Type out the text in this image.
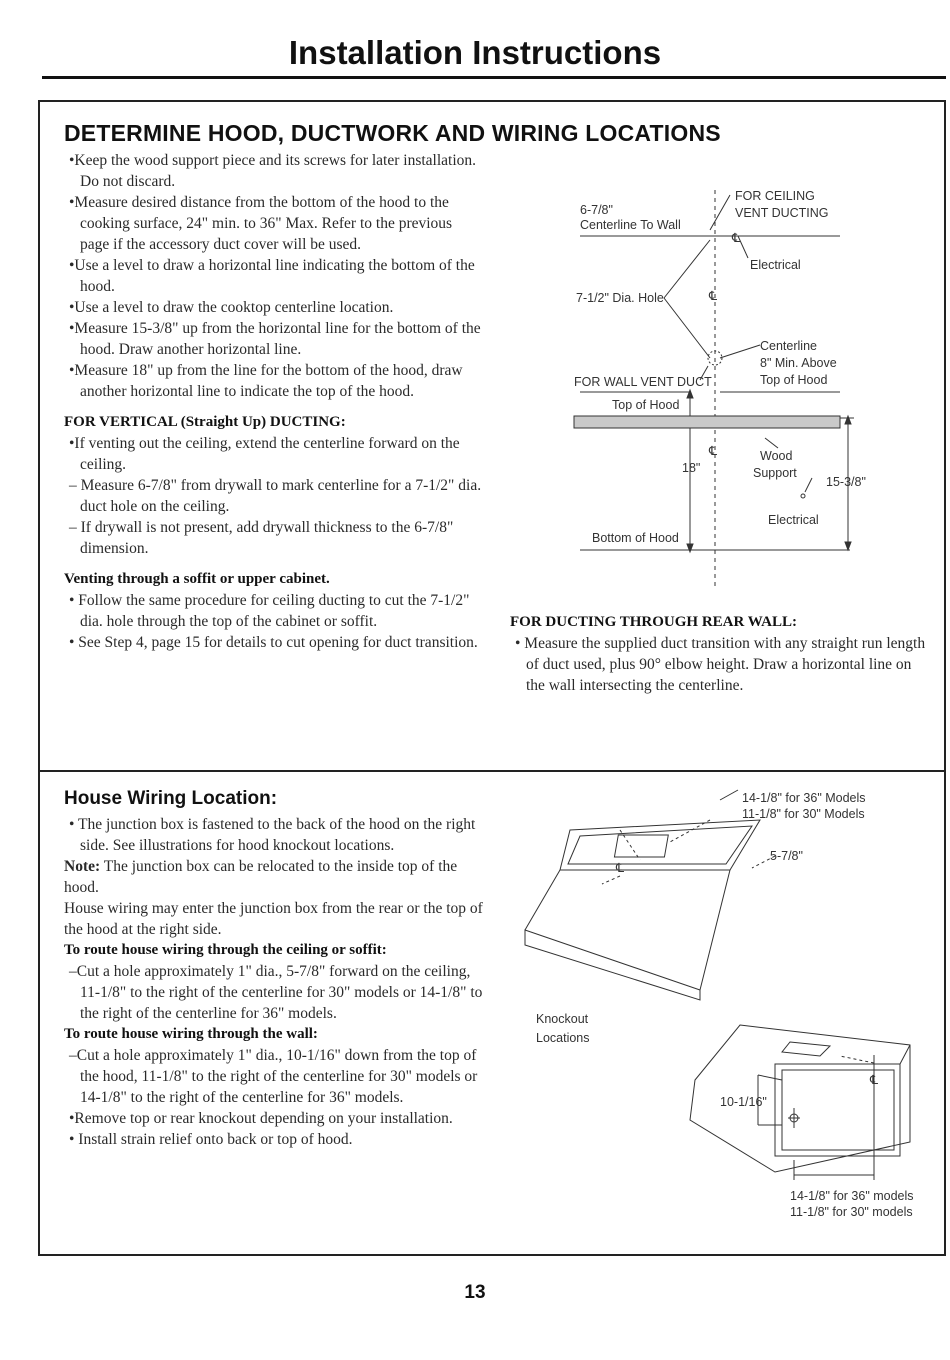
Installation Instructions
DETERMINE HOOD, DUCTWORK AND WIRING LOCATIONS

•Keep the wood support piece and its screws for later installation. Do not discard.

•Measure desired distance from the bottom of the hood to the cooking surface, 24" min. to 36" Max. Refer to the previous page if the accessory duct cover will be used.

•Use a level to draw a horizontal line indicating the bottom of the hood.

•Use a level to draw the cooktop centerline location.

•Measure 15-3/8" up from the horizontal line for the bottom of the hood. Draw another horizontal line.

•Measure 18" up from the line for the bottom of the hood, draw another horizontal line to indicate the top of the hood.

FOR VERTICAL (Straight Up) DUCTING:

•If venting out the ceiling, extend the centerline forward on the ceiling.

– Measure 6-7/8" from drywall to mark centerline for a 7-1/2" dia. duct hole on the ceiling.

– If drywall is not present, add drywall thickness to the 6-7/8" dimension.

Venting through a soffit or upper cabinet.

• Follow the same procedure for ceiling ducting to cut the 7-1/2" dia. hole through the top of the cabinet or soffit.

• See Step 4, page 15 for details to cut opening for duct transition.

FOR DUCTING THROUGH REAR WALL:

• Measure the supplied duct transition with any straight run length of duct used, plus 90° elbow height. Draw a horizontal line on the wall intersecting the centerline.

℄
6-7/8"
Centerline To Wall
FOR CEILING
VENT DUCTING
Electrical
7-1/2" Dia. Hole	℄
Centerline
8" Min. Above
Top of Hood
FOR WALL VENT DUCT
Top of Hood
℄
18"
Wood
Support
15-3/8"
Electrical
Bottom of Hood
House Wiring Location:

• The junction box is fastened to the back of the hood on the right side. See illustrations for hood knockout locations.

Note: The junction box can be relocated to the inside top of the hood.

House wiring may enter the junction box from the rear or the top of the hood at the right side.

To route house wiring through the ceiling or soffit:

–Cut a hole approximately 1" dia., 5-7/8" forward on the ceiling, 11-1/8" to the right of the centerline for 30" models or 14-1/8" to the right of the centerline for 36" models.

To route house wiring through the wall:

–Cut a hole approximately 1" dia., 10-1/16" down from the top of the hood, 11-1/8" to the right of the centerline for 30" models or 14-1/8" to the right of the centerline for 36" models.

•Remove top or rear knockout depending on your installation.

• Install strain relief onto back or top of hood.

14-1/8" for 36" Models
11-1/8" for 30" Models
5-7/8"
℄
Knockout
Locations
10-1/16"
℄
14-1/8" for 36" models
11-1/8" for 30" models
13
